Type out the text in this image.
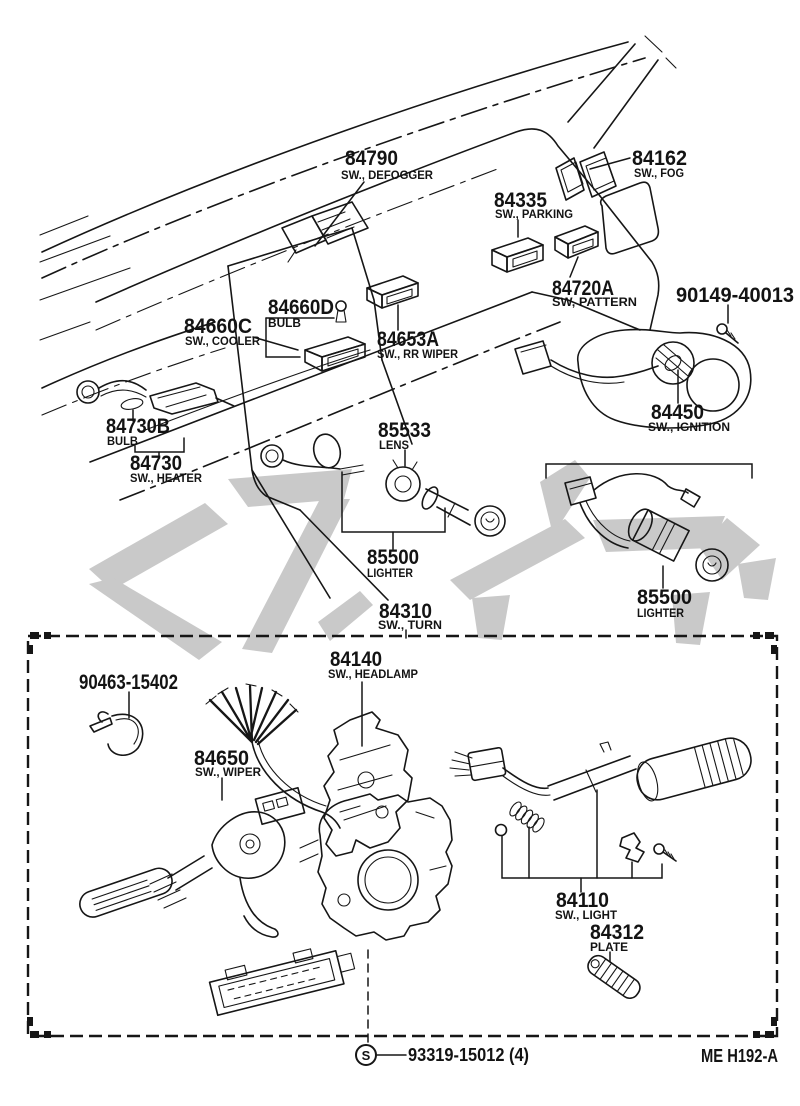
S 93319-15012 (4)	ME H192-A
84790
SW., DEFOGGER
84162
SW., FOG
84335
SW., PARKING
84720A
SW, PATTERN
84660D
BULB
84660C
SW., COOLER	84653A
SW., RR WIPER
90149-40013
84450
SW., IGNITION
84730B
BULB
84730
SW., HEATER
85533
LENS
85500
LIGHTER
85500
LIGHTER
84310
SW., TURN
84140
SW., HEADLAMP
90463-15402
84650
SW., WIPER
84110
SW., LIGHT
84312
PLATE
